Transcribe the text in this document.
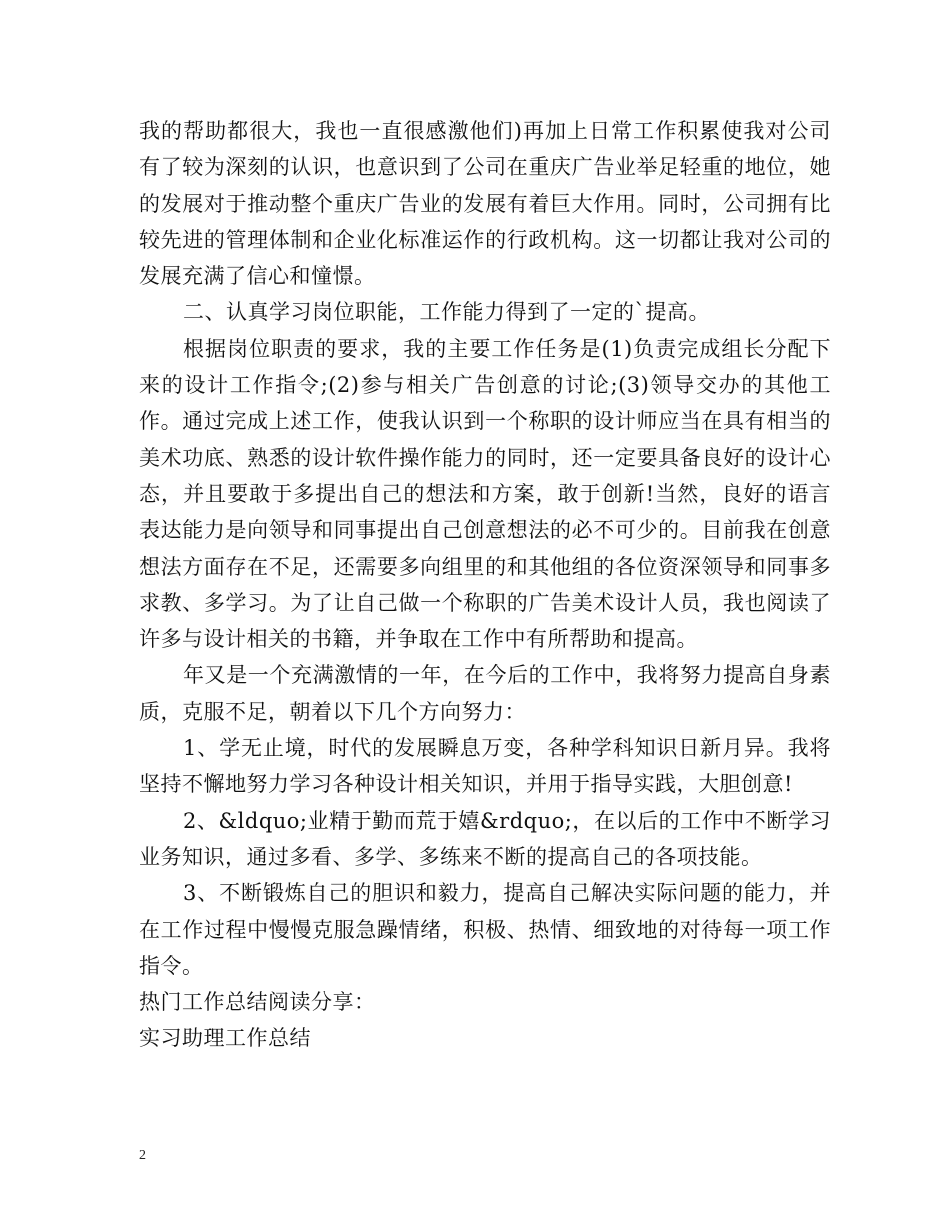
我的帮助都很大，我也一直很感激他们)再加上日常工作积累使我对公司有了较为深刻的认识，也意识到了公司在重庆广告业举足轻重的地位，她的发展对于推动整个重庆广告业的发展有着巨大作用。同时，公司拥有比较先进的管理体制和企业化标准运作的行政机构。这一切都让我对公司的发展充满了信心和憧憬。

二、认真学习岗位职能，工作能力得到了一定的`提高。

根据岗位职责的要求，我的主要工作任务是(1)负责完成组长分配下来的设计工作指令;(2)参与相关广告创意的讨论;(3)领导交办的其他工作。通过完成上述工作，使我认识到一个称职的设计师应当在具有相当的美术功底、熟悉的设计软件操作能力的同时，还一定要具备良好的设计心态，并且要敢于多提出自己的想法和方案，敢于创新!当然，良好的语言表达能力是向领导和同事提出自己创意想法的必不可少的。目前我在创意想法方面存在不足，还需要多向组里的和其他组的各位资深领导和同事多求教、多学习。为了让自己做一个称职的广告美术设计人员，我也阅读了许多与设计相关的书籍，并争取在工作中有所帮助和提高。

年又是一个充满激情的一年，在今后的工作中，我将努力提高自身素质，克服不足，朝着以下几个方向努力：

1、学无止境，时代的发展瞬息万变，各种学科知识日新月异。我将坚持不懈地努力学习各种设计相关知识，并用于指导实践，大胆创意!

2、&ldquo;业精于勤而荒于嬉&rdquo;，在以后的工作中不断学习业务知识，通过多看、多学、多练来不断的提高自己的各项技能。

3、不断锻炼自己的胆识和毅力，提高自己解决实际问题的能力，并在工作过程中慢慢克服急躁情绪，积极、热情、细致地的对待每一项工作指令。

热门工作总结阅读分享：

实习助理工作总结

2
